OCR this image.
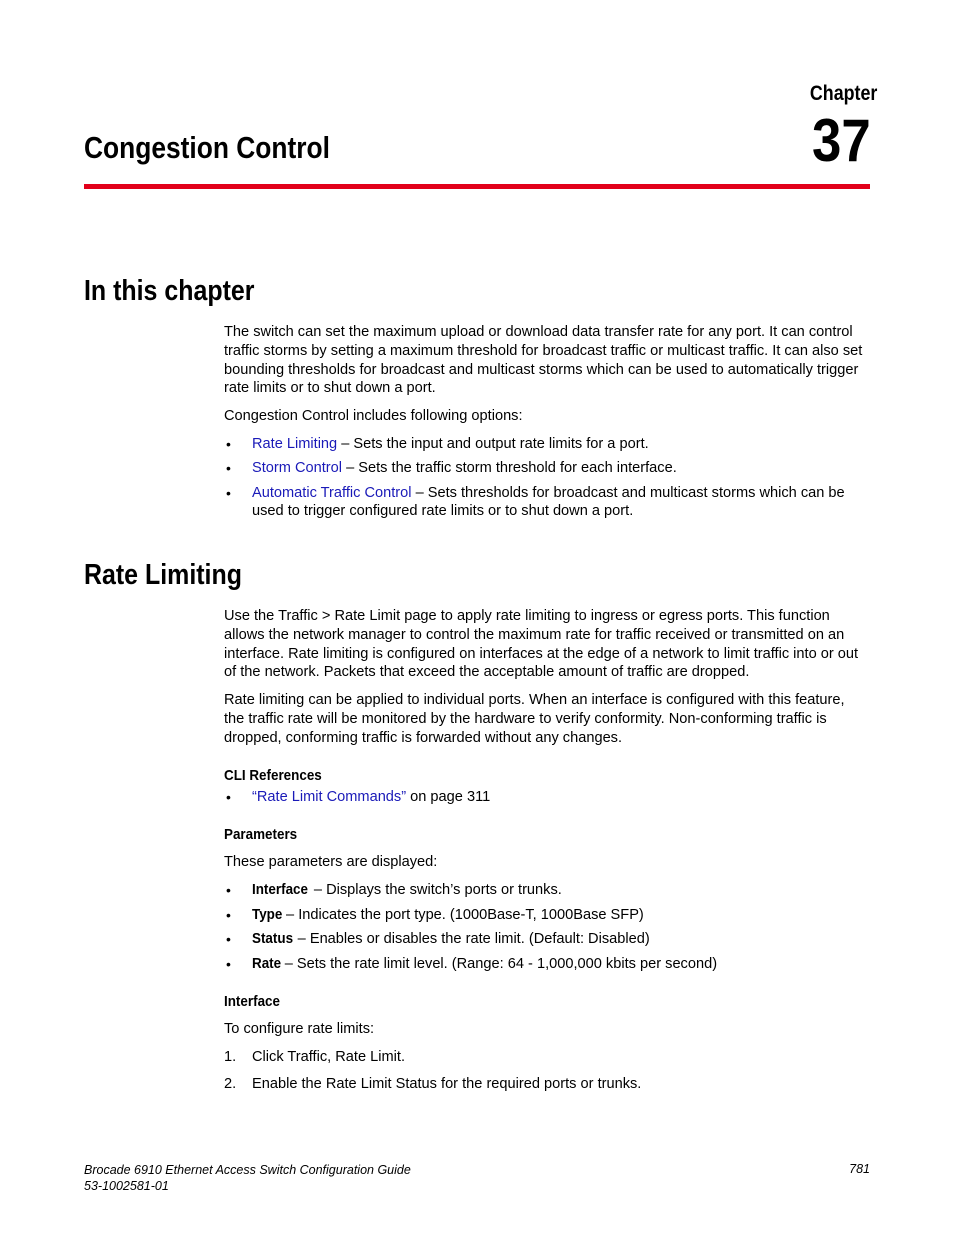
Chapter
37
Congestion Control
In this chapter

The switch can set the maximum upload or download data transfer rate for any port. It can control traffic storms by setting a maximum threshold for broadcast traffic or multicast traffic. It can also set bounding thresholds for broadcast and multicast storms which can be used to automatically trigger rate limits or to shut down a port.

Congestion Control includes following options:

• Rate Limiting – Sets the input and output rate limits for a port.
• Storm Control – Sets the traffic storm threshold for each interface.
• Automatic Traffic Control – Sets thresholds for broadcast and multicast storms which can be used to trigger configured rate limits or to shut down a port.
Rate Limiting

Use the Traffic > Rate Limit page to apply rate limiting to ingress or egress ports. This function allows the network manager to control the maximum rate for traffic received or transmitted on an interface. Rate limiting is configured on interfaces at the edge of a network to limit traffic into or out of the network. Packets that exceed the acceptable amount of traffic are dropped.

Rate limiting can be applied to individual ports. When an interface is configured with this feature, the traffic rate will be monitored by the hardware to verify conformity. Non-conforming traffic is dropped, conforming traffic is forwarded without any changes.

CLI References
• “Rate Limit Commands” on page 311
Parameters

These parameters are displayed:

• Interface – Displays the switch’s ports or trunks.
• Type – Indicates the port type. (1000Base-T, 1000Base SFP)
• Status – Enables or disables the rate limit. (Default: Disabled)
• Rate – Sets the rate limit level. (Range: 64 - 1,000,000 kbits per second)
Interface

To configure rate limits:

1. Click Traffic, Rate Limit.
2. Enable the Rate Limit Status for the required ports or trunks.
Brocade 6910 Ethernet Access Switch Configuration Guide
53-1002581-01
781
